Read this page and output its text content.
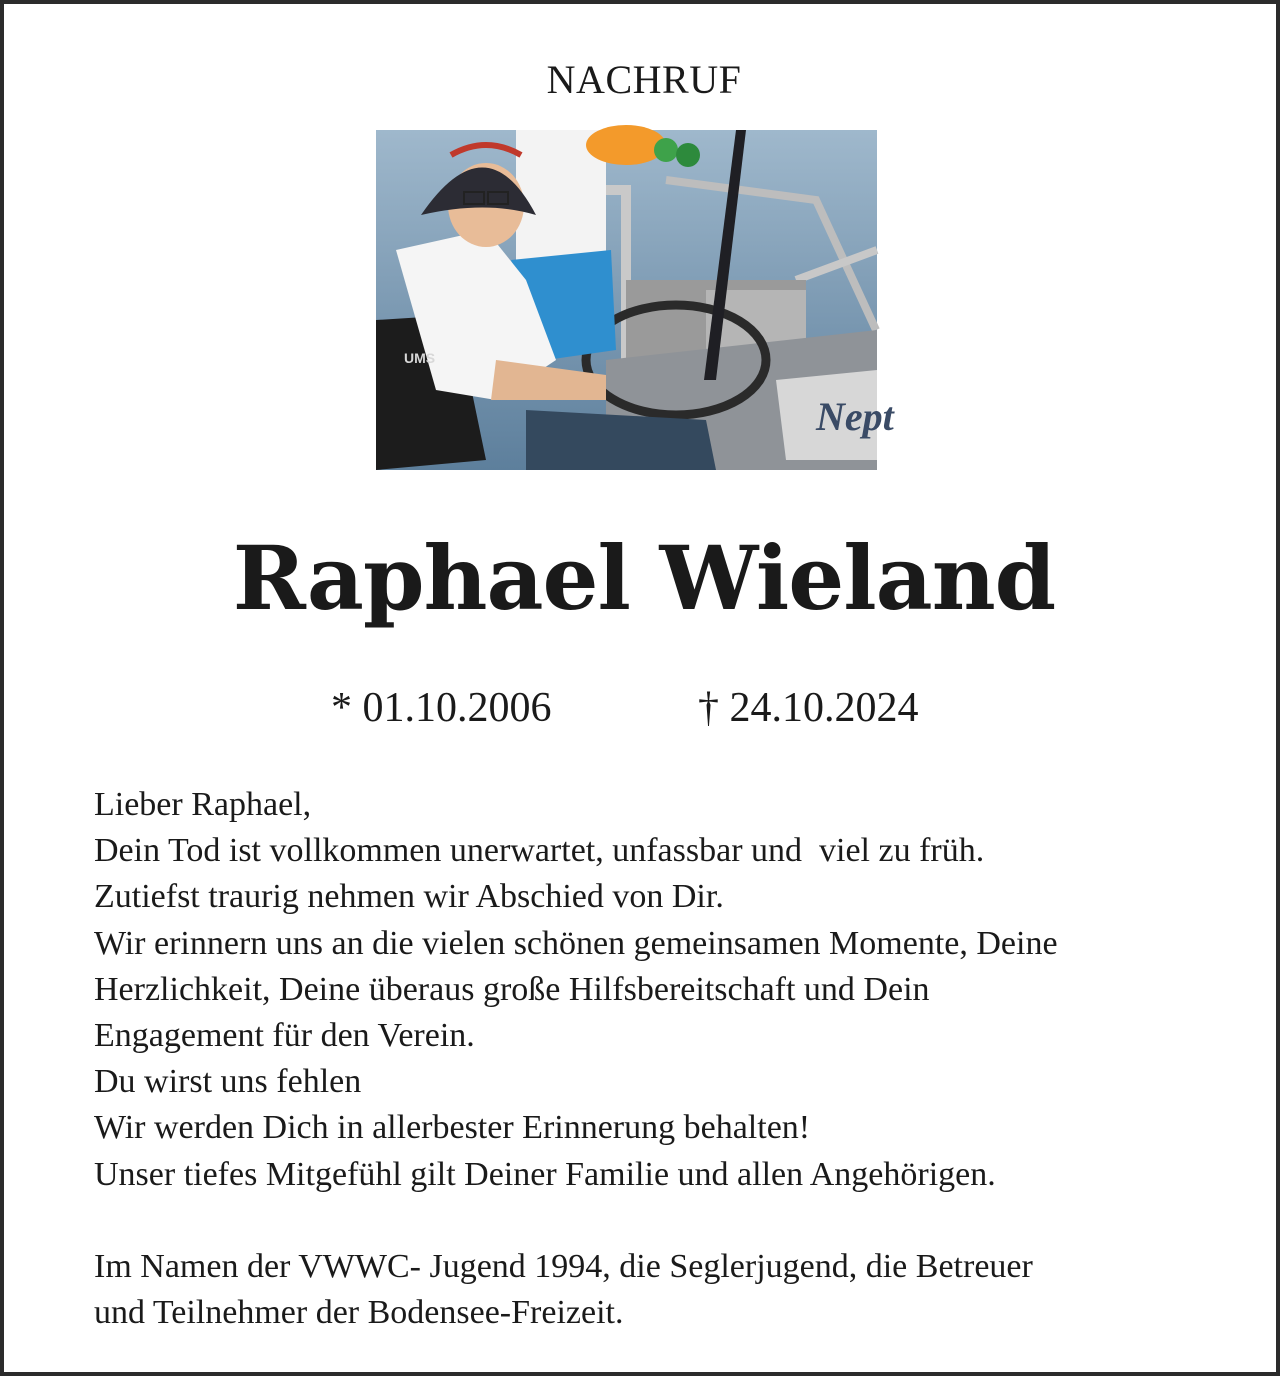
NACHRUF
UMS
Nept
Raphael Wieland
* 01.10.2006	† 24.10.2024
Lieber Raphael,
Dein Tod ist vollkommen unerwartet, unfassbar und  viel zu früh.
Zutiefst traurig nehmen wir Abschied von Dir.
Wir erinnern uns an die vielen schönen gemeinsamen Momente, Deine
Herzlichkeit, Deine überaus große Hilfsbereitschaft und Dein
Engagement für den Verein.
Du wirst uns fehlen
Wir werden Dich in allerbester Erinnerung behalten!
Unser tiefes Mitgefühl gilt Deiner Familie und allen Angehörigen.
Im Namen der VWWC- Jugend 1994, die Seglerjugend, die Betreuer
und Teilnehmer der Bodensee-Freizeit.
